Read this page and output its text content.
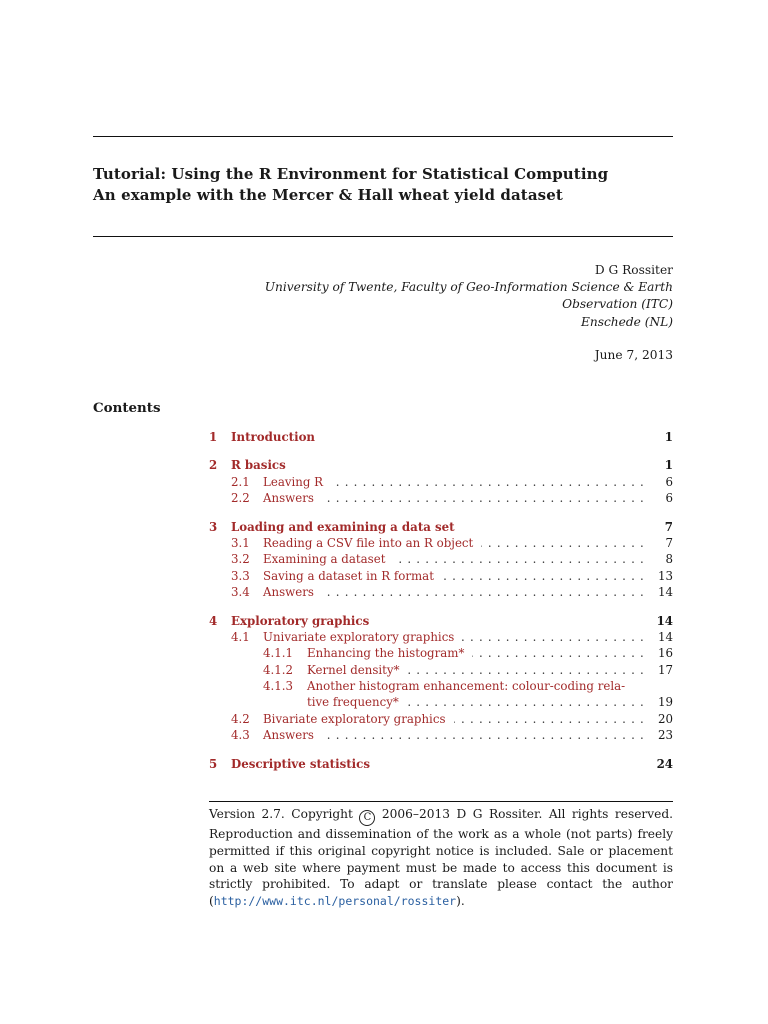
Tutorial: Using the R Environment for Statistical Computing
An example with the Mercer & Hall wheat yield dataset
D G Rossiter
University of Twente, Faculty of Geo-Information Science & Earth
Observation (ITC)
Enschede (NL)
June 7, 2013
Contents
1	Introduction	1
2	R basics	1
2.1	Leaving R .....	6
2.2	Answers .....	6
3	Loading and examining a data set	7
3.1	Reading a CSV file into an R object .....	7
3.2	Examining a dataset .....	8
3.3	Saving a dataset in R format .....	13
3.4	Answers .....	14
4	Exploratory graphics	14
4.1	Univariate exploratory graphics .....	14
4.1.1	Enhancing the histogram* .....	16
4.1.2	Kernel density* .....	17
4.1.3	Another histogram enhancement: colour-coding rela-
tive frequency* .....	19
4.2	Bivariate exploratory graphics .....	20
4.3	Answers .....	23
5	Descriptive statistics	24
Version 2.7. Copyright C 2006–2013 D G Rossiter. All rights reserved. Reproduction and dissemination of the work as a whole (not parts) freely permitted if this original copyright notice is included. Sale or placement on a web site where payment must be made to access this document is strictly prohibited. To adapt or translate please contact the author (http://www.itc.nl/personal/rossiter).
